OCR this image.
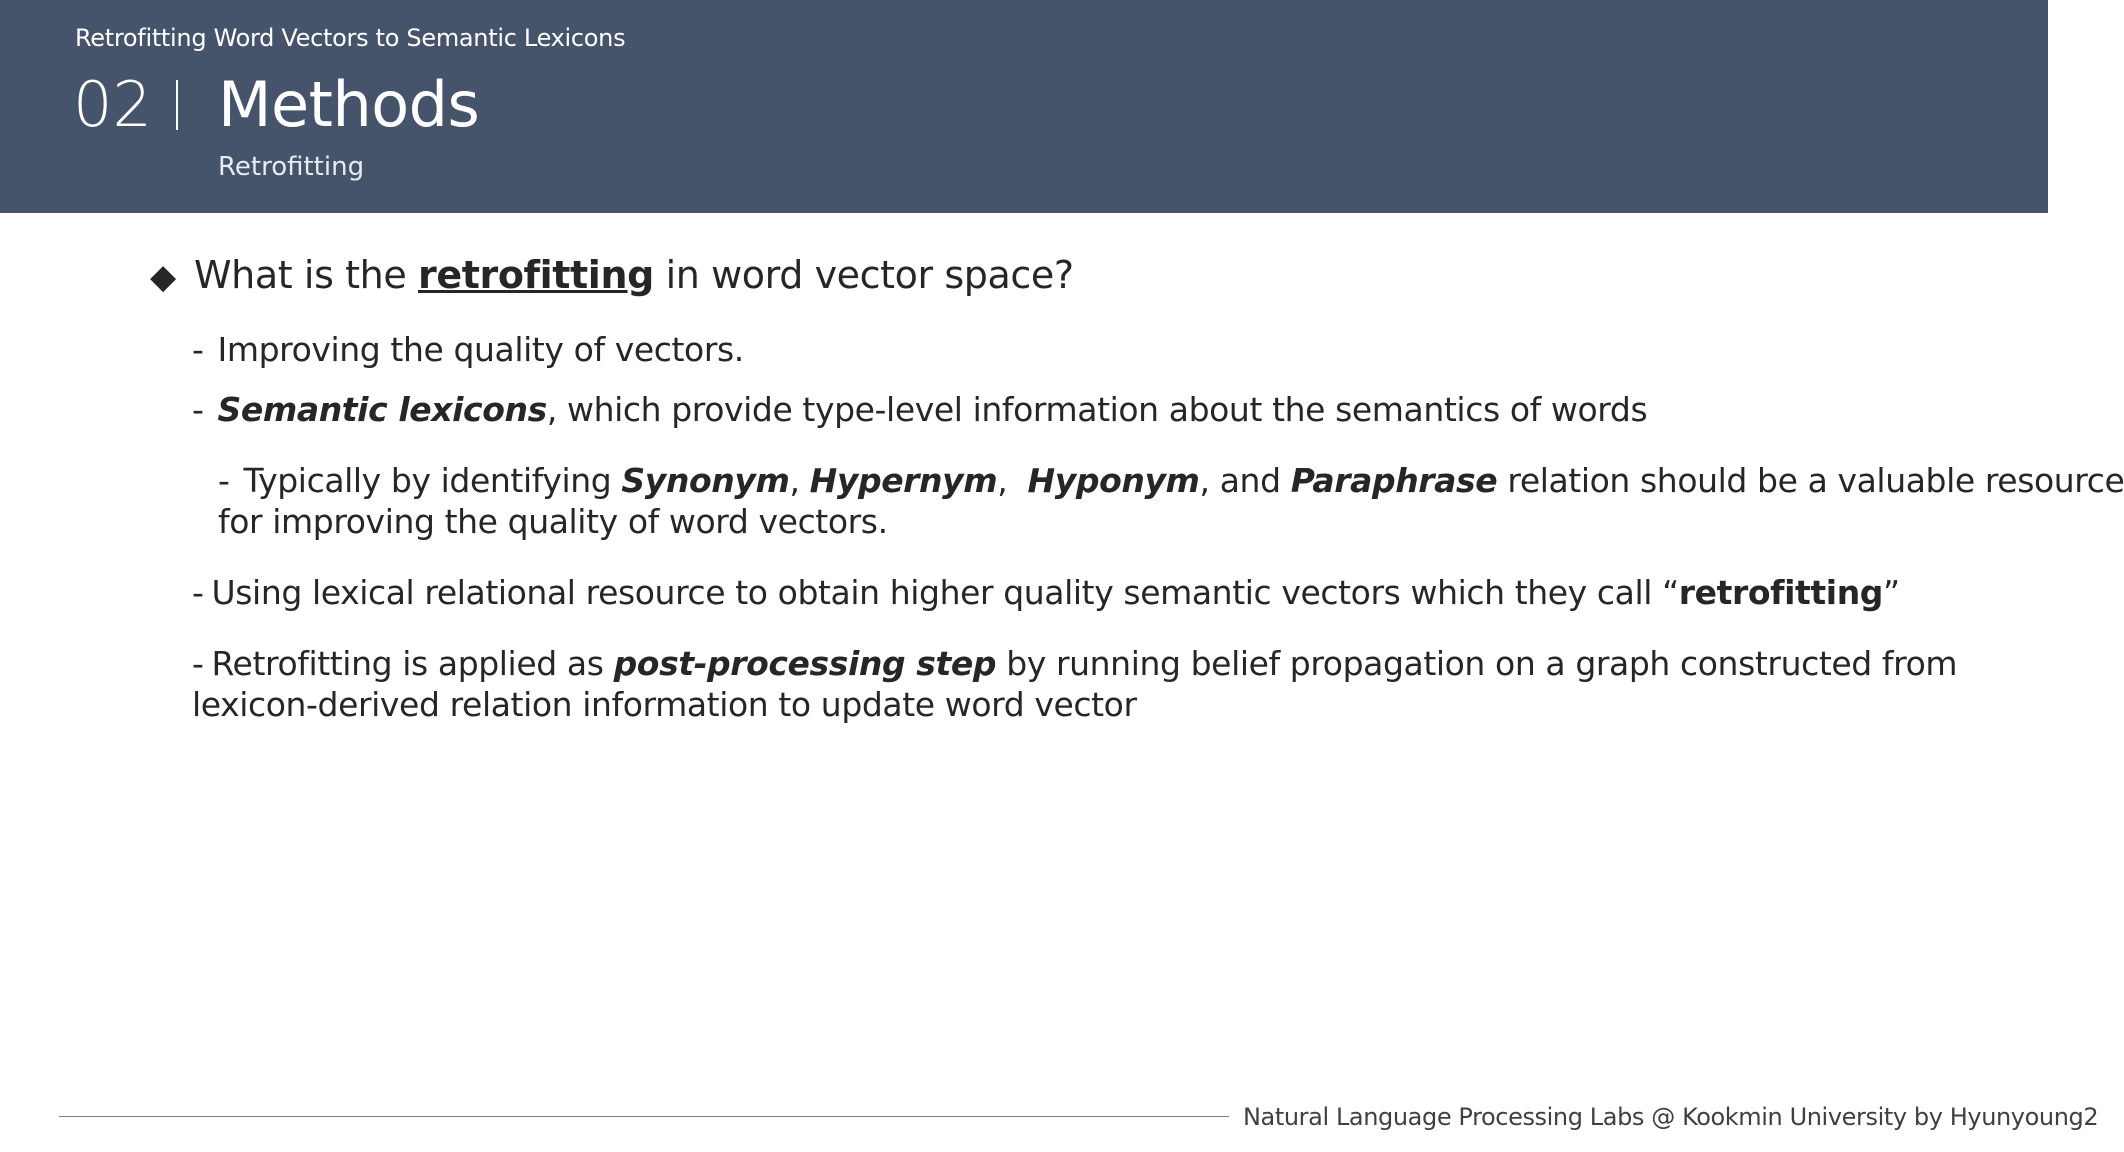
Retrofitting Word Vectors to Semantic Lexicons
02 Methods
Retrofitting
◆ What is the retrofitting in word vector space?
- Improving the quality of vectors.
- Semantic lexicons, which provide type-level information about the semantics of words
- Typically by identifying Synonym, Hypernym,  Hyponym, and Paraphrase relation should be a valuable resource
for improving the quality of word vectors.
- Using lexical relational resource to obtain higher quality semantic vectors which they call “retrofitting”
- Retrofitting is applied as post-processing step by running belief propagation on a graph constructed from
lexicon-derived relation information to update word vector
Natural Language Processing Labs @ Kookmin University by Hyunyoung2
